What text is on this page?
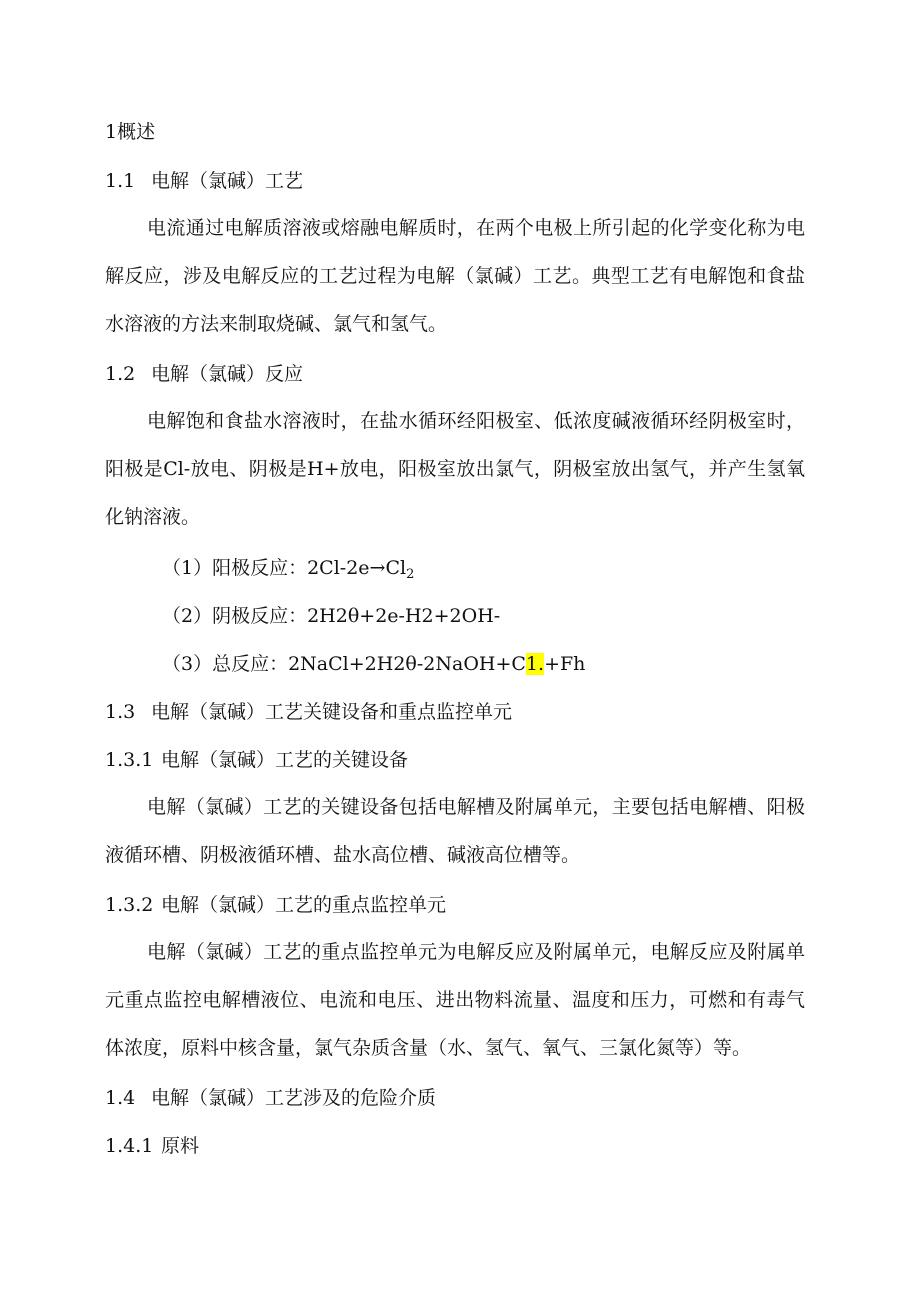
1概述
1.1 电解（氯碱）工艺
电流通过电解质溶液或熔融电解质时，在两个电极上所引起的化学变化称为电解反应，涉及电解反应的工艺过程为电解（氯碱）工艺。典型工艺有电解饱和食盐水溶液的方法来制取烧碱、氯气和氢气。
1.2 电解（氯碱）反应
电解饱和食盐水溶液时，在盐水循环经阳极室、低浓度碱液循环经阴极室时，阳极是Cl-放电、阴极是H+放电，阳极室放出氯气，阴极室放出氢气，并产生氢氧化钠溶液。
（1）阳极反应：$2Cl-2e\to Cl_2$
（2）阴极反应：2H2θ+2e-H2+2OH-
（3）总反应：2NaCl+2H2θ-2NaOH+C1.+Fh
1.3 电解（氯碱）工艺关键设备和重点监控单元
1.3.1 电解（氯碱）工艺的关键设备
电解（氯碱）工艺的关键设备包括电解槽及附属单元，主要包括电解槽、阳极液循环槽、阴极液循环槽、盐水高位槽、碱液高位槽等。
1.3.2 电解（氯碱）工艺的重点监控单元
电解（氯碱）工艺的重点监控单元为电解反应及附属单元，电解反应及附属单元重点监控电解槽液位、电流和电压、进出物料流量、温度和压力，可燃和有毒气体浓度，原料中核含量，氯气杂质含量（水、氢气、氧气、三氯化氮等）等。
1.4 电解（氯碱）工艺涉及的危险介质
1.4.1 原料
